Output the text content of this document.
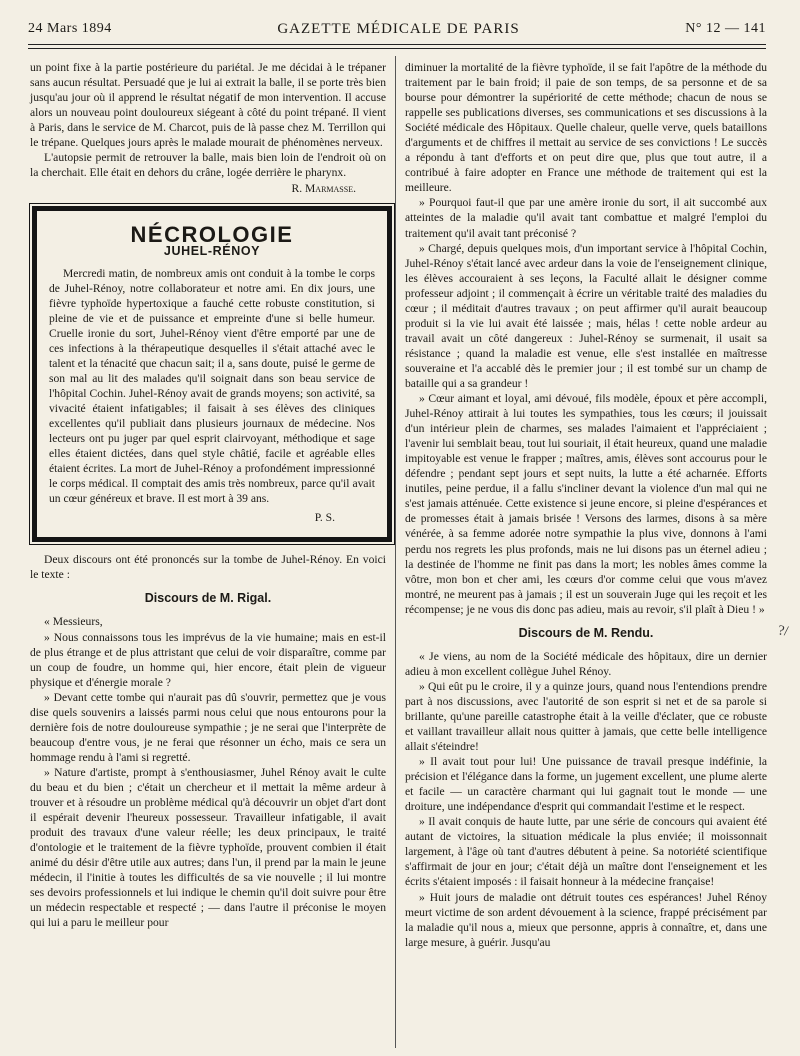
24 Mars 1894	GAZETTE MÉDICALE DE PARIS	N° 12 — 141

un point fixe à la partie postérieure du pariétal. Je me décidai à le trépaner sans aucun résultat. Persuadé que je lui ai extrait la balle, il se porte très bien jusqu'au jour où il apprend le résultat négatif de mon intervention. Il accuse alors un nouveau point douloureux siégeant à côté du point trépané. Il vient à Paris, dans le service de M. Charcot, puis de là passe chez M. Terrillon qui le trépane. Quelques jours après le malade mourait de phénomènes nerveux.

L'autopsie permit de retrouver la balle, mais bien loin de l'endroit où on la cherchait. Elle était en dehors du crâne, logée derrière le pharynx.

R. Marmasse.
NÉCROLOGIE
JUHEL-RÉNOY

Mercredi matin, de nombreux amis ont conduit à la tombe le corps de Juhel-Rénoy, notre collaborateur et notre ami. En dix jours, une fièvre typhoïde hypertoxique a fauché cette robuste constitution, si pleine de vie et de puissance et empreinte d'une si belle humeur. Cruelle ironie du sort, Juhel-Rénoy vient d'être emporté par une de ces infections à la thérapeutique desquelles il s'était attaché avec le talent et la ténacité que chacun sait; il a, sans doute, puisé le germe de son mal au lit des malades qu'il soignait dans son beau service de l'hôpital Cochin. Juhel-Rénoy avait de grands moyens; son activité, sa vivacité étaient infatigables; il faisait à ses élèves des cliniques excellentes qu'il publiait dans plusieurs journaux de médecine. Nos lecteurs ont pu juger par quel esprit clairvoyant, méthodique et sage elles étaient dictées, dans quel style châtié, facile et agréable elles étaient écrites. La mort de Juhel-Rénoy a profondément impressionné le corps médical. Il comptait des amis très nombreux, parce qu'il avait un cœur généreux et brave. Il est mort à 39 ans.

P. S.

Deux discours ont été prononcés sur la tombe de Juhel-Rénoy. En voici le texte :

Discours de M. Rigal.

« Messieurs,

» Nous connaissons tous les imprévus de la vie humaine; mais en est-il de plus étrange et de plus attristant que celui de voir disparaître, comme par un coup de foudre, un homme qui, hier encore, était plein de vigueur physique et d'énergie morale ?

» Devant cette tombe qui n'aurait pas dû s'ouvrir, permettez que je vous dise quels souvenirs a laissés parmi nous celui que nous entourons pour la dernière fois de notre douloureuse sympathie ; je ne serai que l'interprète de beaucoup d'entre vous, je ne ferai que résonner un écho, mais ce sera un hommage rendu à l'ami si regretté.

» Nature d'artiste, prompt à s'enthousiasmer, Juhel Rénoy avait le culte du beau et du bien ; c'était un chercheur et il mettait la même ardeur à trouver et à résoudre un problème médical qu'à découvrir un objet d'art dont il espérait devenir l'heureux possesseur. Travailleur infatigable, il avait produit des travaux d'une valeur réelle; les deux principaux, le traité d'ontologie et le traitement de la fièvre typhoïde, prouvent combien il était animé du désir d'être utile aux autres; dans l'un, il prend par la main le jeune médecin, il l'initie à toutes les difficultés de sa vie nouvelle ; il lui montre ses devoirs professionnels et lui indique le chemin qu'il doit suivre pour être un médecin respectable et respecté ; — dans l'autre il préconise le moyen qui lui a paru le meilleur pour

diminuer la mortalité de la fièvre typhoïde, il se fait l'apôtre de la méthode du traitement par le bain froid; il paie de son temps, de sa personne et de sa bourse pour démontrer la supériorité de cette méthode; chacun de nous se rappelle ses publications diverses, ses communications et ses discussions à la Société médicale des Hôpitaux. Quelle chaleur, quelle verve, quels bataillons d'arguments et de chiffres il mettait au service de ses convictions ! Le succès a répondu à tant d'efforts et on peut dire que, plus que tout autre, il a contribué à faire adopter en France une méthode de traitement qui est la meilleure.

» Pourquoi faut-il que par une amère ironie du sort, il ait succombé aux atteintes de la maladie qu'il avait tant combattue et malgré l'emploi du traitement qu'il avait tant préconisé ?

» Chargé, depuis quelques mois, d'un important service à l'hôpital Cochin, Juhel-Rénoy s'était lancé avec ardeur dans la voie de l'enseignement clinique, les élèves accouraient à ses leçons, la Faculté allait le désigner comme professeur adjoint ; il commençait à écrire un véritable traité des maladies du cœur ; il méditait d'autres travaux ; on peut affirmer qu'il aurait beaucoup produit si la vie lui avait été laissée ; mais, hélas ! cette noble ardeur au travail avait un côté dangereux : Juhel-Rénoy se surmenait, il usait sa résistance ; quand la maladie est venue, elle s'est installée en maîtresse souveraine et l'a accablé dès le premier jour ; il est tombé sur un champ de bataille qui a sa grandeur !

» Cœur aimant et loyal, ami dévoué, fils modèle, époux et père accompli, Juhel-Rénoy attirait à lui toutes les sympathies, tous les cœurs; il jouissait d'un intérieur plein de charmes, ses malades l'aimaient et l'appréciaient ; l'avenir lui semblait beau, tout lui souriait, il était heureux, quand une maladie impitoyable est venue le frapper ; maîtres, amis, élèves sont accourus pour le défendre ; pendant sept jours et sept nuits, la lutte a été acharnée. Efforts inutiles, peine perdue, il a fallu s'incliner devant la violence d'un mal qui ne s'est jamais atténuée. Cette existence si jeune encore, si pleine d'espérances et de promesses était à jamais brisée ! Versons des larmes, disons à sa mère vénérée, à sa femme adorée notre sympathie la plus vive, donnons à l'ami perdu nos regrets les plus profonds, mais ne lui disons pas un éternel adieu ; la destinée de l'homme ne finit pas dans la mort; les nobles âmes comme la vôtre, mon bon et cher ami, les cœurs d'or comme celui que vous m'avez montré, ne meurent pas à jamais ; il est un souverain Juge qui les reçoit et les récompense; je ne vous dis donc pas adieu, mais au revoir, s'il plaît à Dieu ! »

Discours de M. Rendu.

« Je viens, au nom de la Société médicale des hôpitaux, dire un dernier adieu à mon excellent collègue Juhel Rénoy.

» Qui eût pu le croire, il y a quinze jours, quand nous l'entendions prendre part à nos discussions, avec l'autorité de son esprit si net et de sa parole si brillante, qu'une pareille catastrophe était à la veille d'éclater, que ce robuste et vaillant travailleur allait nous quitter à jamais, que cette belle intelligence allait s'éteindre!

» Il avait tout pour lui! Une puissance de travail presque indéfinie, la précision et l'élégance dans la forme, un jugement excellent, une plume alerte et facile — un caractère charmant qui lui gagnait tout le monde — une droiture, une indépendance d'esprit qui commandait l'estime et le respect.

» Il avait conquis de haute lutte, par une série de concours qui avaient été autant de victoires, la situation médicale la plus enviée; il moissonnait largement, à l'âge où tant d'autres débutent à peine. Sa notoriété scientifique s'affirmait de jour en jour; c'était déjà un maître dont l'enseignement et les écrits s'étaient imposés : il faisait honneur à la médecine française!

» Huit jours de maladie ont détruit toutes ces espérances! Juhel Rénoy meurt victime de son ardent dévouement à la science, frappé précisément par la maladie qu'il nous a, mieux que personne, appris à connaître, et, dans une large mesure, à guérir. Jusqu'au

?/
